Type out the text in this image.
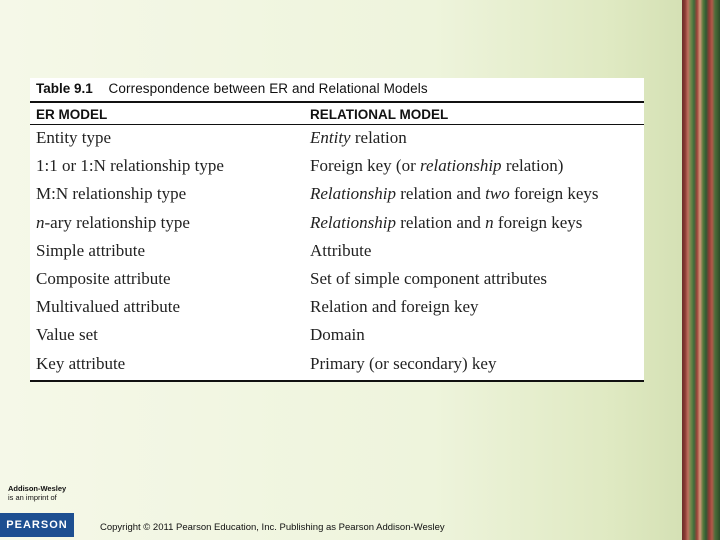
Table 9.1 Correspondence between ER and Relational Models
ER MODEL	RELATIONAL MODEL
Entity type	Entity relation
1:1 or 1:N relationship type	Foreign key (or relationship relation)
M:N relationship type	Relationship relation and two foreign keys
n-ary relationship type	Relationship relation and n foreign keys
Simple attribute	Attribute
Composite attribute	Set of simple component attributes
Multivalued attribute	Relation and foreign key
Value set	Domain
Key attribute	Primary (or secondary) key
Addison-Wesley
is an imprint of
PEARSON	Copyright © 2011 Pearson Education, Inc. Publishing as Pearson Addison-Wesley
